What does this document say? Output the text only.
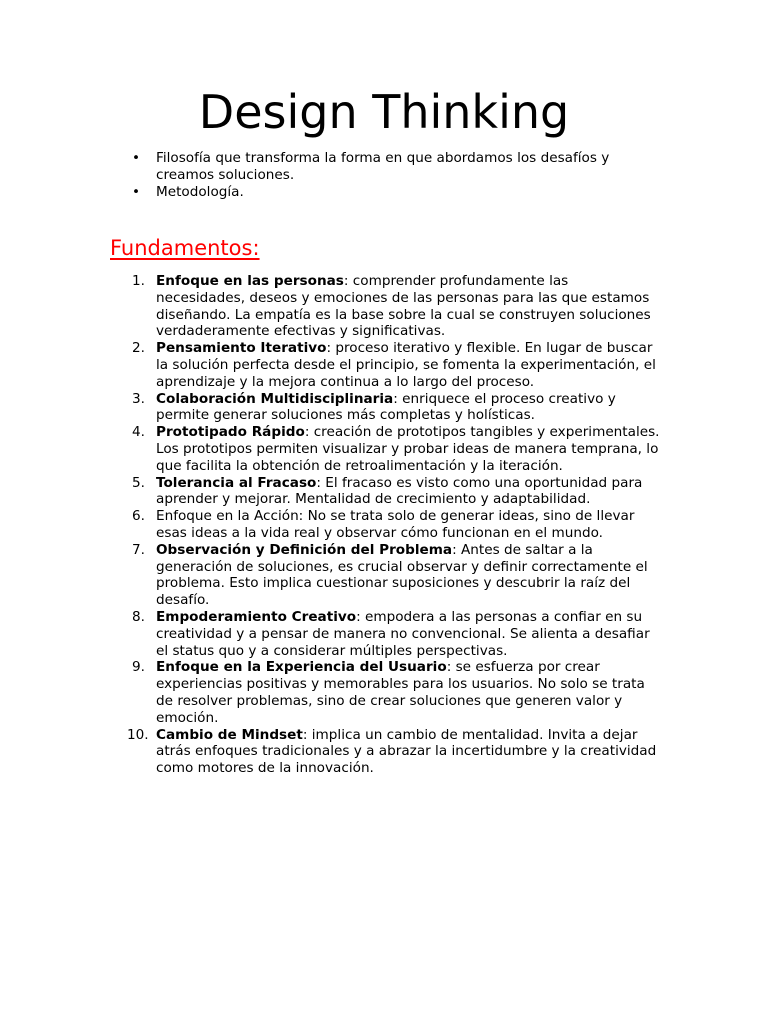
Design Thinking
• Filosofía que transforma la forma en que abordamos los desafíos y creamos soluciones.
• Metodología.
Fundamentos:
1. Enfoque en las personas: comprender profundamente las necesidades, deseos y emociones de las personas para las que estamos diseñando. La empatía es la base sobre la cual se construyen soluciones verdaderamente efectivas y significativas.
2. Pensamiento Iterativo: proceso iterativo y flexible. En lugar de buscar la solución perfecta desde el principio, se fomenta la experimentación, el aprendizaje y la mejora continua a lo largo del proceso.
3. Colaboración Multidisciplinaria: enriquece el proceso creativo y permite generar soluciones más completas y holísticas.
4. Prototipado Rápido: creación de prototipos tangibles y experimentales. Los prototipos permiten visualizar y probar ideas de manera temprana, lo que facilita la obtención de retroalimentación y la iteración.
5. Tolerancia al Fracaso: El fracaso es visto como una oportunidad para aprender y mejorar. Mentalidad de crecimiento y adaptabilidad.
6. Enfoque en la Acción: No se trata solo de generar ideas, sino de llevar esas ideas a la vida real y observar cómo funcionan en el mundo.
7. Observación y Definición del Problema: Antes de saltar a la generación de soluciones, es crucial observar y definir correctamente el problema. Esto implica cuestionar suposiciones y descubrir la raíz del desafío.
8. Empoderamiento Creativo: empodera a las personas a confiar en su creatividad y a pensar de manera no convencional. Se alienta a desafiar el status quo y a considerar múltiples perspectivas.
9. Enfoque en la Experiencia del Usuario: se esfuerza por crear experiencias positivas y memorables para los usuarios. No solo se trata de resolver problemas, sino de crear soluciones que generen valor y emoción.
10. Cambio de Mindset: implica un cambio de mentalidad. Invita a dejar atrás enfoques tradicionales y a abrazar la incertidumbre y la creatividad como motores de la innovación.
